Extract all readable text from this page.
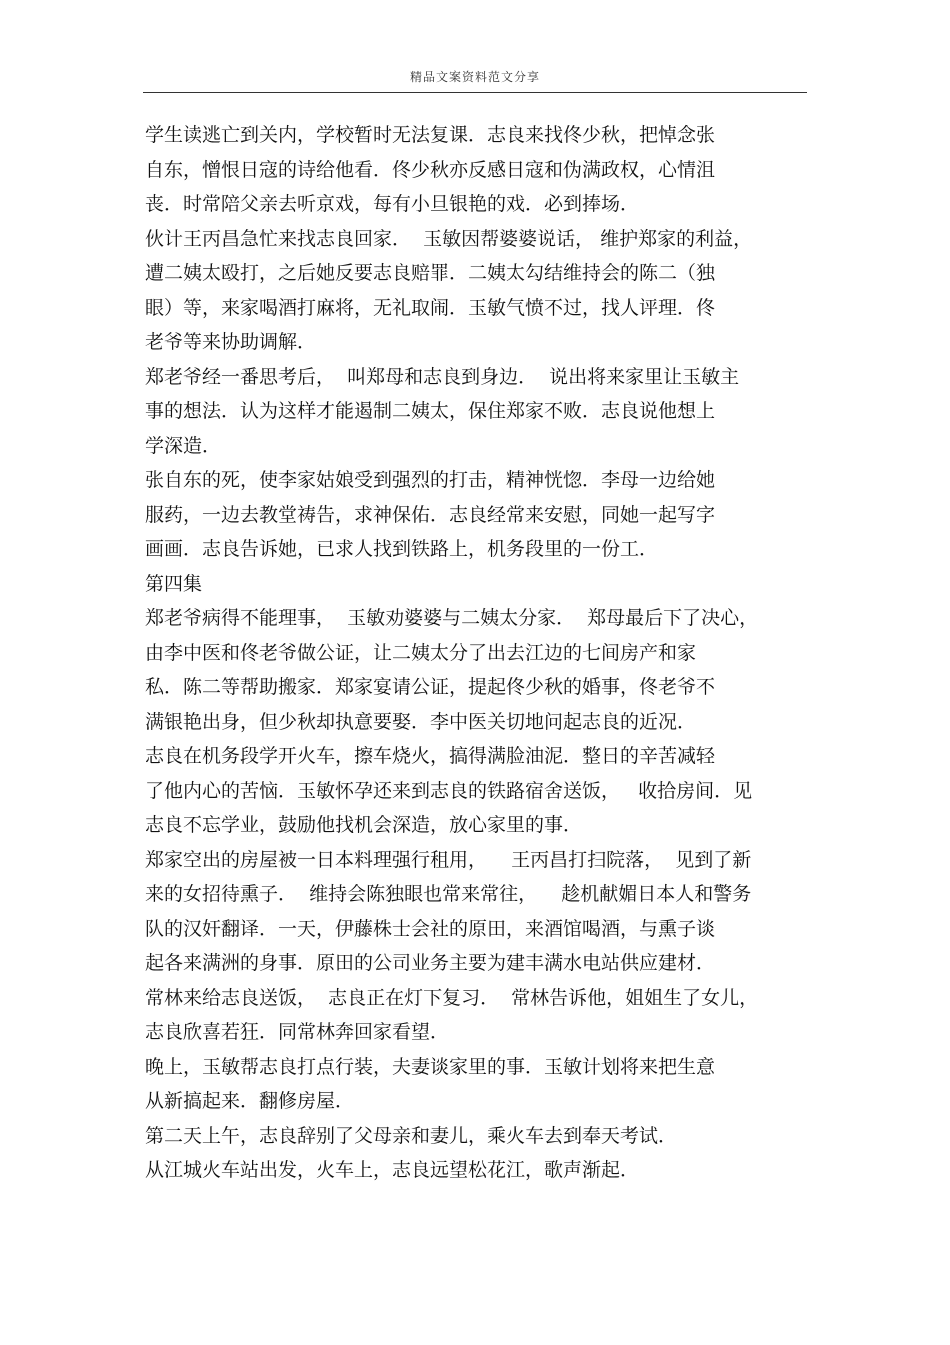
精品文案资料范文分享
学生读逃亡到关内，学校暂时无法复课．志良来找佟少秋，把悼念张
自东，憎恨日寇的诗给他看．佟少秋亦反感日寇和伪满政权，心情沮
丧．时常陪父亲去听京戏，每有小旦银艳的戏．必到捧场．
伙计王丙昌急忙来找志良回家．  玉敏因帮婆婆说话， 维护郑家的利益，
遭二姨太殴打，之后她反要志良赔罪．二姨太勾结维持会的陈二（独
眼）等，来家喝酒打麻将，无礼取闹．玉敏气愤不过，找人评理．佟
老爷等来协助调解．
郑老爷经一番思考后，  叫郑母和志良到身边．  说出将来家里让玉敏主
事的想法．认为这样才能遏制二姨太，保住郑家不败．志良说他想上
学深造．
张自东的死，使李家姑娘受到强烈的打击，精神恍惚．李母一边给她
服药，一边去教堂祷告，求神保佑．志良经常来安慰，同她一起写字
画画．志良告诉她，已求人找到铁路上，机务段里的一份工．
第四集
郑老爷病得不能理事，  玉敏劝婆婆与二姨太分家．  郑母最后下了决心，
由李中医和佟老爷做公证，让二姨太分了出去江边的七间房产和家
私．陈二等帮助搬家．郑家宴请公证，提起佟少秋的婚事，佟老爷不
满银艳出身，但少秋却执意要娶．李中医关切地问起志良的近况．
志良在机务段学开火车，擦车烧火，搞得满脸油泥．整日的辛苦减轻
了他内心的苦恼．玉敏怀孕还来到志良的铁路宿舍送饭，   收拾房间．见
志良不忘学业，鼓励他找机会深造，放心家里的事．
郑家空出的房屋被一日本料理强行租用，    王丙昌打扫院落，  见到了新
来的女招待熏子．  维持会陈独眼也常来常往，    趁机献媚日本人和警务
队的汉奸翻译．一天，伊藤株士会社的原田，来酒馆喝酒，与熏子谈
起各来满洲的身事．原田的公司业务主要为建丰满水电站供应建材．
常林来给志良送饭，  志良正在灯下复习．  常林告诉他，姐姐生了女儿，
志良欣喜若狂．同常林奔回家看望．
晚上，玉敏帮志良打点行装，夫妻谈家里的事．玉敏计划将来把生意
从新搞起来．翻修房屋．
第二天上午，志良辞别了父母亲和妻儿，乘火车去到奉天考试．
从江城火车站出发，火车上，志良远望松花江，歌声渐起．
